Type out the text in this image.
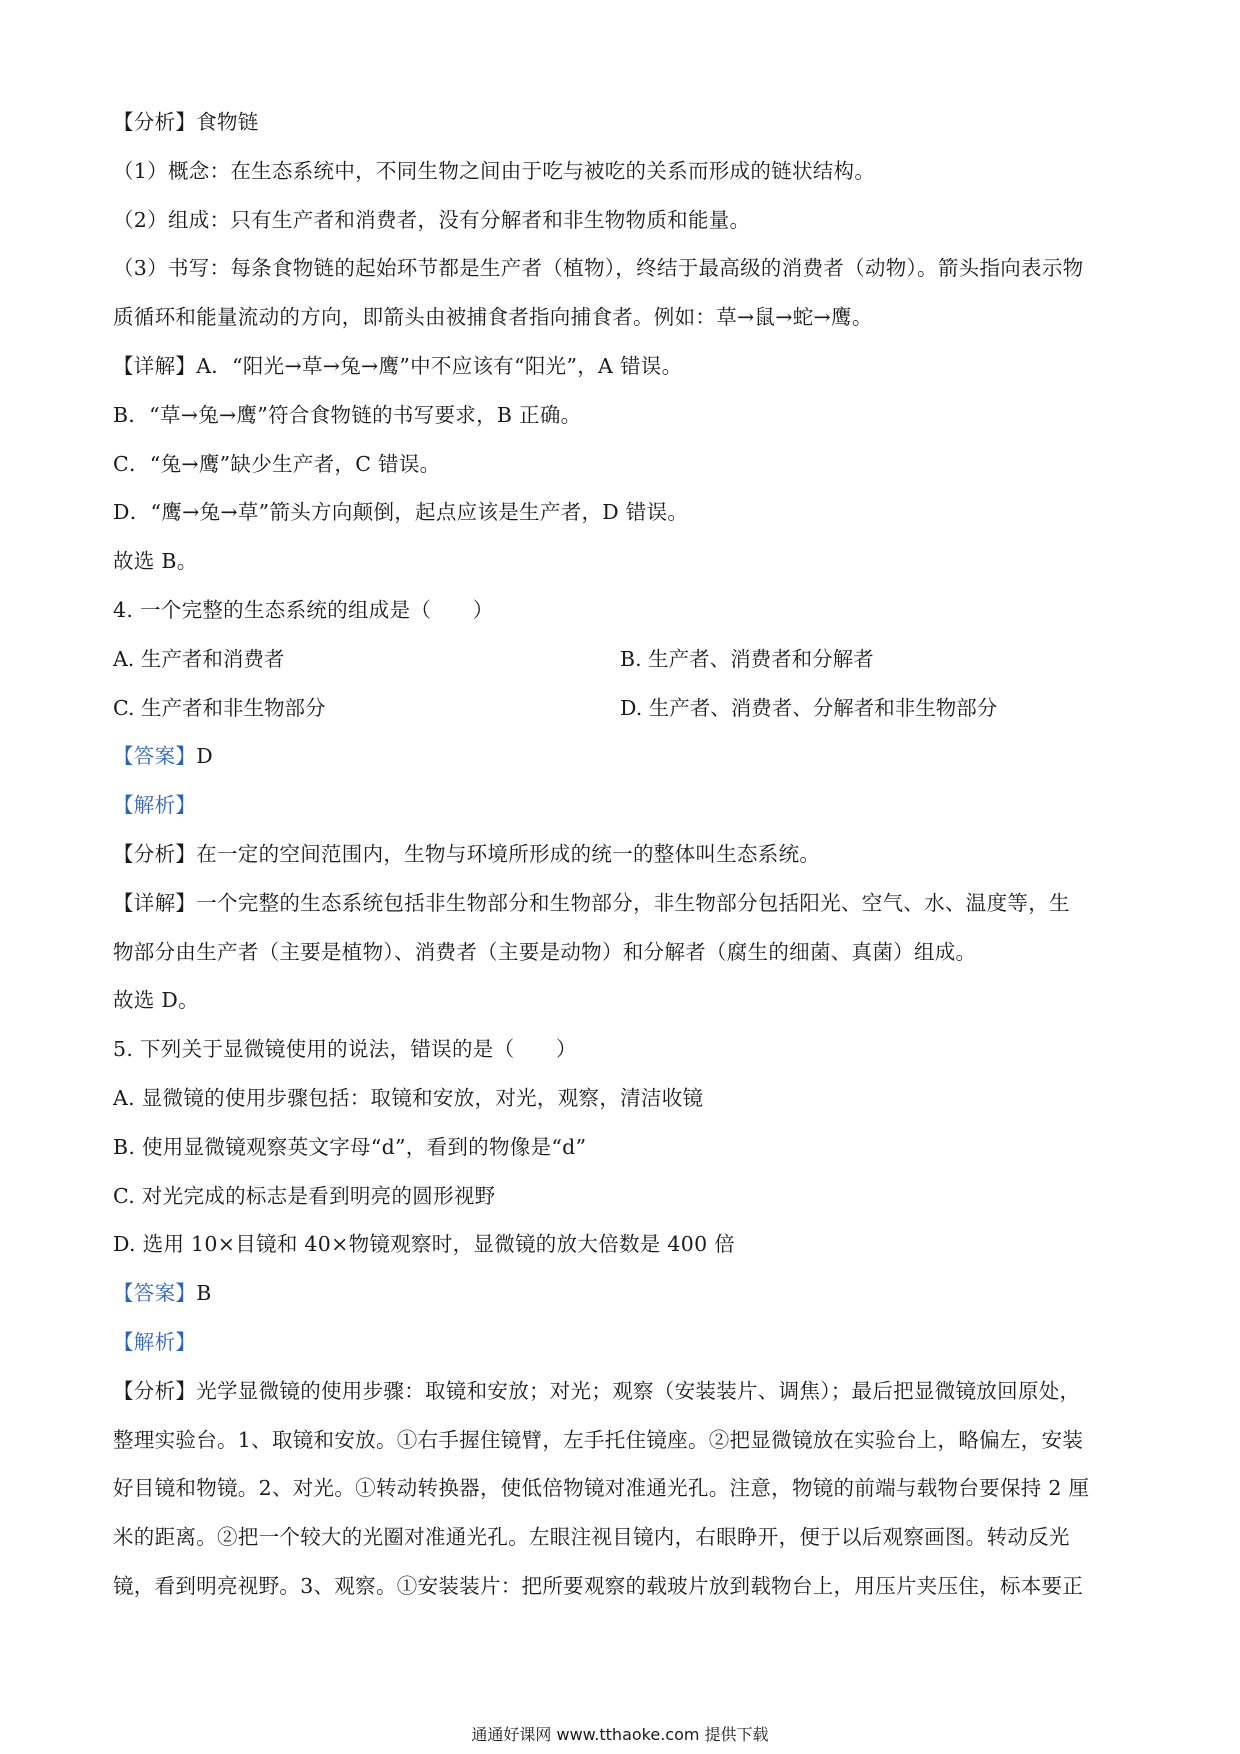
【分析】食物链
（1）概念：在生态系统中，不同生物之间由于吃与被吃的关系而形成的链状结构。
（2）组成：只有生产者和消费者，没有分解者和非生物物质和能量。
（3）书写：每条食物链的起始环节都是生产者（植物），终结于最高级的消费者（动物）。箭头指向表示物
质循环和能量流动的方向，即箭头由被捕食者指向捕食者。例如：草→鼠→蛇→鹰。
【详解】A．“阳光→草→兔→鹰”中不应该有“阳光”，A 错误。
B．“草→兔→鹰”符合食物链的书写要求，B 正确。
C．“兔→鹰”缺少生产者，C 错误。
D．“鹰→兔→草”箭头方向颠倒，起点应该是生产者，D 错误。
故选 B。
4. 一个完整的生态系统的组成是（　　）
A. 生产者和消费者	B. 生产者、消费者和分解者
C. 生产者和非生物部分	D. 生产者、消费者、分解者和非生物部分
【答案】D
【解析】
【分析】在一定的空间范围内，生物与环境所形成的统一的整体叫生态系统。
【详解】一个完整的生态系统包括非生物部分和生物部分，非生物部分包括阳光、空气、水、温度等，生
物部分由生产者（主要是植物）、消费者（主要是动物）和分解者（腐生的细菌、真菌）组成。
故选 D。
5. 下列关于显微镜使用的说法，错误的是（　　）
A. 显微镜的使用步骤包括：取镜和安放，对光，观察，清洁收镜
B. 使用显微镜观察英文字母“d”，看到的物像是“d”
C. 对光完成的标志是看到明亮的圆形视野
D. 选用 10×目镜和 40×物镜观察时，显微镜的放大倍数是 400 倍
【答案】B
【解析】
【分析】光学显微镜的使用步骤：取镜和安放；对光；观察（安装装片、调焦）；最后把显微镜放回原处，
整理实验台。1、取镜和安放。①右手握住镜臂，左手托住镜座。②把显微镜放在实验台上，略偏左，安装
好目镜和物镜。2、对光。①转动转换器，使低倍物镜对准通光孔。注意，物镜的前端与载物台要保持 2 厘
米的距离。②把一个较大的光圈对准通光孔。左眼注视目镜内，右眼睁开，便于以后观察画图。转动反光
镜，看到明亮视野。3、观察。①安装装片：把所要观察的载玻片放到载物台上，用压片夹压住，标本要正
通通好课网 www.tthaoke.com 提供下载
